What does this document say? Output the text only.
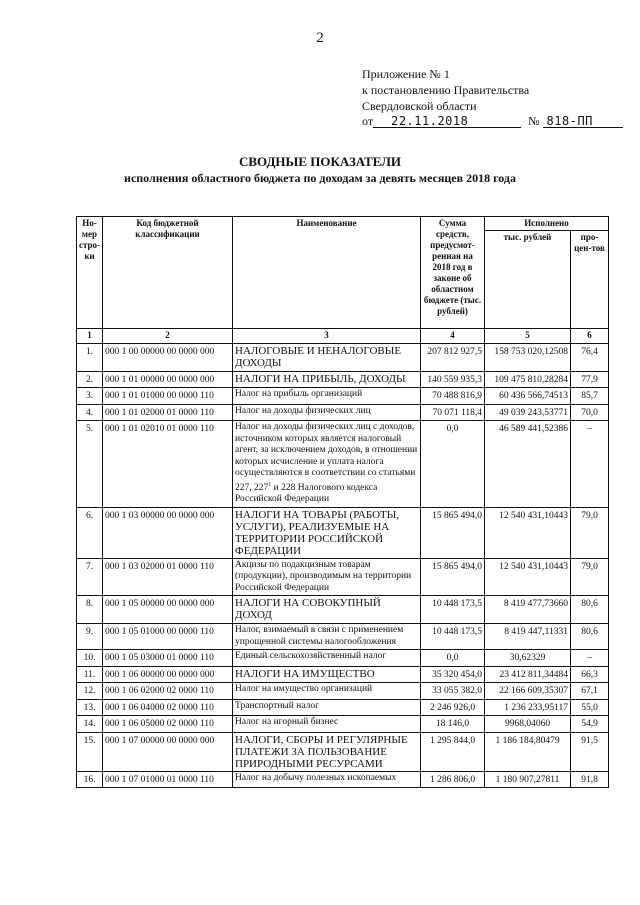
2
Приложение № 1
к постановлению Правительства
Свердловской области
от 22.11.2018	№ 818-ПП
СВОДНЫЕ ПОКАЗАТЕЛИ
исполнения областного бюджета по доходам за девять месяцев 2018 года
Но-мер стро-ки	Код бюджетной классификации	Наименование	Сумма средств, предусмот-ренная на 2018 год в законе об областном бюджете (тыс. рублей)	Исполнено	
				тыс. рублей	про-цен-тов
1	2	3	4	5	6
1.	000 1 00 00000 00 0000 000	НАЛОГОВЫЕ И НЕНАЛОГОВЫЕ ДОХОДЫ	207 812 927,5	158 753 020,12508	76,4
2.	000 1 01 00000 00 0000 000	НАЛОГИ НА ПРИБЫЛЬ, ДОХОДЫ	140 559 935,3	109 475 810,28284	77,9
3.	000 1 01 01000 00 0000 110	Налог на прибыль организаций	70 488 816,9	60 436 566,74513	85,7
4.	000 1 01 02000 01 0000 110	Налог на доходы физических лиц	70 071 118,4	49 039 243,53771	70,0
5.	000 1 01 02010 01 0000 110	Налог на доходы физических лиц с доходов, источником которых является налоговый агент, за исключением доходов, в отношении которых исчисление и уплата налога осуществляются в соответствии со статьями 227, $227^1$ и 228 Налогового кодекса Российской Федерации	0,0	46 589 441,52386	–
6.	000 1 03 00000 00 0000 000	НАЛОГИ НА ТОВАРЫ (РАБОТЫ, УСЛУГИ), РЕАЛИЗУЕМЫЕ НА ТЕРРИТОРИИ РОССИЙСКОЙ ФЕДЕРАЦИИ	15 865 494,0	12 540 431,10443	79,0
7.	000 1 03 02000 01 0000 110	Акцизы по подакцизным товарам (продукции), производимым на территории Российской Федерации	15 865 494,0	12 540 431,10443	79,0
8.	000 1 05 00000 00 0000 000	НАЛОГИ НА СОВОКУПНЫЙ ДОХОД	10 448 173,5	8 419 477,73660	80,6
9.	000 1 05 01000 00 0000 110	Налог, взимаемый в связи с применением упрощенной системы налогообложения	10 448 173,5	8 419 447,11331	80,6
10.	000 1 05 03000 01 0000 110	Единый сельскохозяйственный налог	0,0	30,62329	–
11.	000 1 06 00000 00 0000 000	НАЛОГИ НА ИМУЩЕСТВО	35 320 454,0	23 412 811,34484	66,3
12.	000 1 06 02000 02 0000 110	Налог на имущество организаций	33 055 382,0	22 166 609,35307	67,1
13.	000 1 06 04000 02 0000 110	Транспортный налог	2 246 926,0	1 236 233,95117	55,0
14.	000 1 06 05000 02 0000 110	Налог на игорный бизнес	18 146,0	9968,04060	54,9
15.	000 1 07 00000 00 0000 000	НАЛОГИ, СБОРЫ И РЕГУЛЯРНЫЕ ПЛАТЕЖИ ЗА ПОЛЬЗОВАНИЕ ПРИРОДНЫМИ РЕСУРСАМИ	1 295 844,0	1 186 184,80479	91,5
16.	000 1 07 01000 01 0000 110	Налог на добычу полезных ископаемых	1 286 806,0	1 180 907,27811	91,8
